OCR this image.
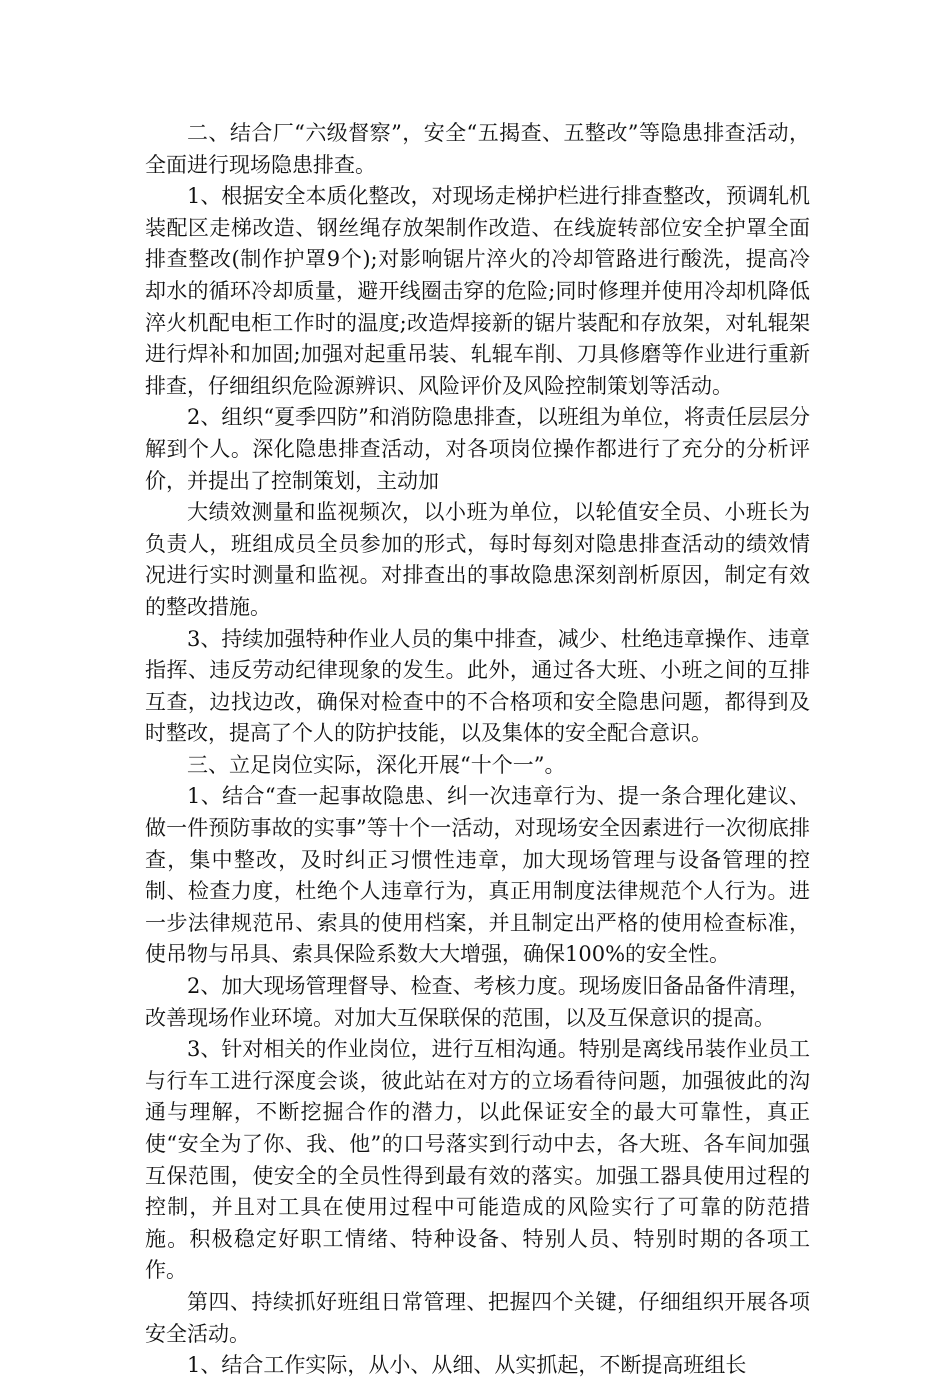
二、结合厂“六级督察”，安全“五揭查、五整改”等隐患排查活动，全面进行现场隐患排查。

1、根据安全本质化整改，对现场走梯护栏进行排查整改，预调轧机装配区走梯改造、钢丝绳存放架制作改造、在线旋转部位安全护罩全面排查整改(制作护罩9个);对影响锯片淬火的冷却管路进行酸洗，提高冷却水的循环冷却质量，避开线圈击穿的危险;同时修理并使用冷却机降低淬火机配电柜工作时的温度;改造焊接新的锯片装配和存放架，对轧辊架进行焊补和加固;加强对起重吊装、轧辊车削、刀具修磨等作业进行重新排查，仔细组织危险源辨识、风险评价及风险控制策划等活动。

2、组织“夏季四防”和消防隐患排查，以班组为单位，将责任层层分解到个人。深化隐患排查活动，对各项岗位操作都进行了充分的分析评价，并提出了控制策划，主动加

大绩效测量和监视频次，以小班为单位，以轮值安全员、小班长为负责人，班组成员全员参加的形式，每时每刻对隐患排查活动的绩效情况进行实时测量和监视。对排查出的事故隐患深刻剖析原因，制定有效的整改措施。

3、持续加强特种作业人员的集中排查，减少、杜绝违章操作、违章指挥、违反劳动纪律现象的发生。此外，通过各大班、小班之间的互排互查，边找边改，确保对检查中的不合格项和安全隐患问题，都得到及时整改，提高了个人的防护技能，以及集体的安全配合意识。

三、立足岗位实际，深化开展“十个一”。

1、结合“查一起事故隐患、纠一次违章行为、提一条合理化建议、做一件预防事故的实事”等十个一活动，对现场安全因素进行一次彻底排查，集中整改，及时纠正习惯性违章，加大现场管理与设备管理的控制、检查力度，杜绝个人违章行为，真正用制度法律规范个人行为。进一步法律规范吊、索具的使用档案，并且制定出严格的使用检查标准，使吊物与吊具、索具保险系数大大增强，确保100%的安全性。

2、加大现场管理督导、检查、考核力度。现场废旧备品备件清理，改善现场作业环境。对加大互保联保的范围，以及互保意识的提高。

3、针对相关的作业岗位，进行互相沟通。特别是离线吊装作业员工与行车工进行深度会谈，彼此站在对方的立场看待问题，加强彼此的沟通与理解，不断挖掘合作的潜力，以此保证安全的最大可靠性，真正使“安全为了你、我、他”的口号落实到行动中去，各大班、各车间加强互保范围，使安全的全员性得到最有效的落实。加强工器具使用过程的控制，并且对工具在使用过程中可能造成的风险实行了可靠的防范措施。积极稳定好职工情绪、特种设备、特别人员、特别时期的各项工作。

第四、持续抓好班组日常管理、把握四个关键，仔细组织开展各项安全活动。

1、结合工作实际，从小、从细、从实抓起，不断提高班组长
